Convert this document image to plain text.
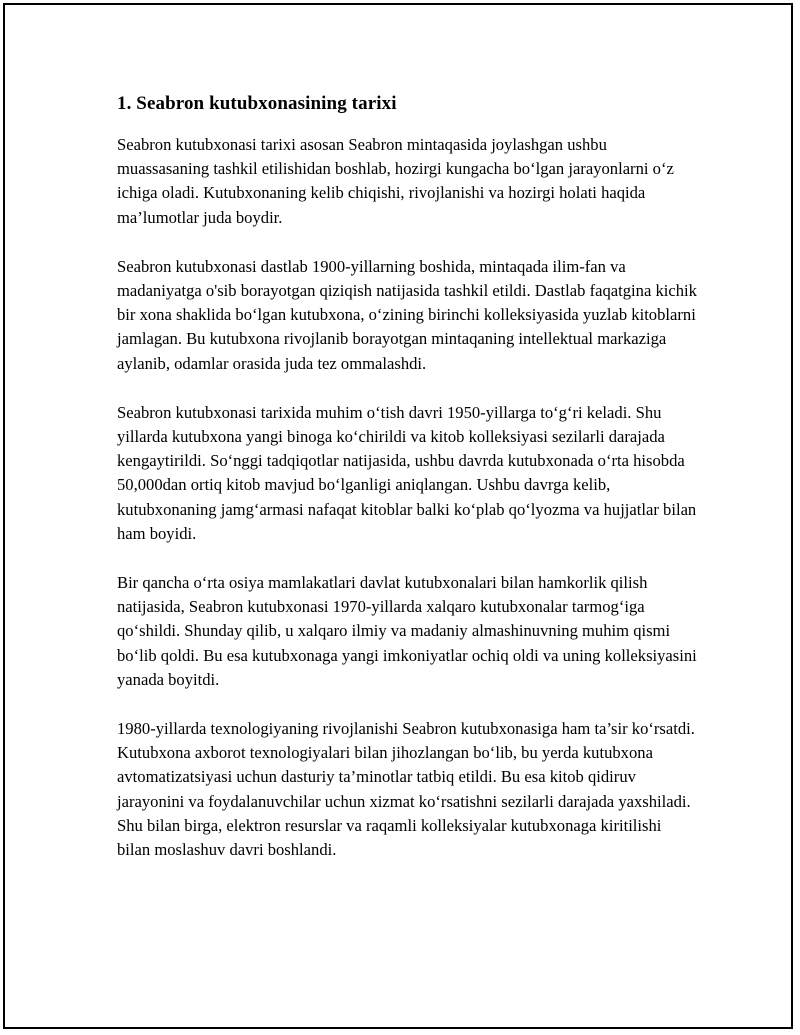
1. Seabron kutubxonasining tarixi

Seabron kutubxonasi tarixi asosan Seabron mintaqasida joylashgan ushbu muassasaning tashkil etilishidan boshlab, hozirgi kungacha bo‘lgan jarayonlarni o‘z ichiga oladi. Kutubxonaning kelib chiqishi, rivojlanishi va hozirgi holati haqida ma’lumotlar juda boydir.

Seabron kutubxonasi dastlab 1900-yillarning boshida, mintaqada ilim-fan va madaniyatga o'sib borayotgan qiziqish natijasida tashkil etildi. Dastlab faqatgina kichik bir xona shaklida bo‘lgan kutubxona, o‘zining birinchi kolleksiyasida yuzlab kitoblarni jamlagan. Bu kutubxona rivojlanib borayotgan mintaqaning intellektual markaziga aylanib, odamlar orasida juda tez ommalashdi.

Seabron kutubxonasi tarixida muhim o‘tish davri 1950-yillarga to‘g‘ri keladi. Shu yillarda kutubxona yangi binoga ko‘chirildi va kitob kolleksiyasi sezilarli darajada kengaytirildi. So‘nggi tadqiqotlar natijasida, ushbu davrda kutubxonada o‘rta hisobda 50,000dan ortiq kitob mavjud bo‘lganligi aniqlangan. Ushbu davrga kelib, kutubxonaning jamg‘armasi nafaqat kitoblar balki ko‘plab qo‘lyozma va hujjatlar bilan ham boyidi.

Bir qancha o‘rta osiya mamlakatlari davlat kutubxonalari bilan hamkorlik qilish natijasida, Seabron kutubxonasi 1970-yillarda xalqaro kutubxonalar tarmog‘iga qo‘shildi. Shunday qilib, u xalqaro ilmiy va madaniy almashinuvning muhim qismi bo‘lib qoldi. Bu esa kutubxonaga yangi imkoniyatlar ochiq oldi va uning kolleksiyasini yanada boyitdi.

1980-yillarda texnologiyaning rivojlanishi Seabron kutubxonasiga ham ta’sir ko‘rsatdi. Kutubxona axborot texnologiyalari bilan jihozlangan bo‘lib, bu yerda kutubxona avtomatizatsiyasi uchun dasturiy ta’minotlar tatbiq etildi. Bu esa kitob qidiruv jarayonini va foydalanuvchilar uchun xizmat ko‘rsatishni sezilarli darajada yaxshiladi. Shu bilan birga, elektron resurslar va raqamli kolleksiyalar kutubxonaga kiritilishi bilan moslashuv davri boshlandi.
